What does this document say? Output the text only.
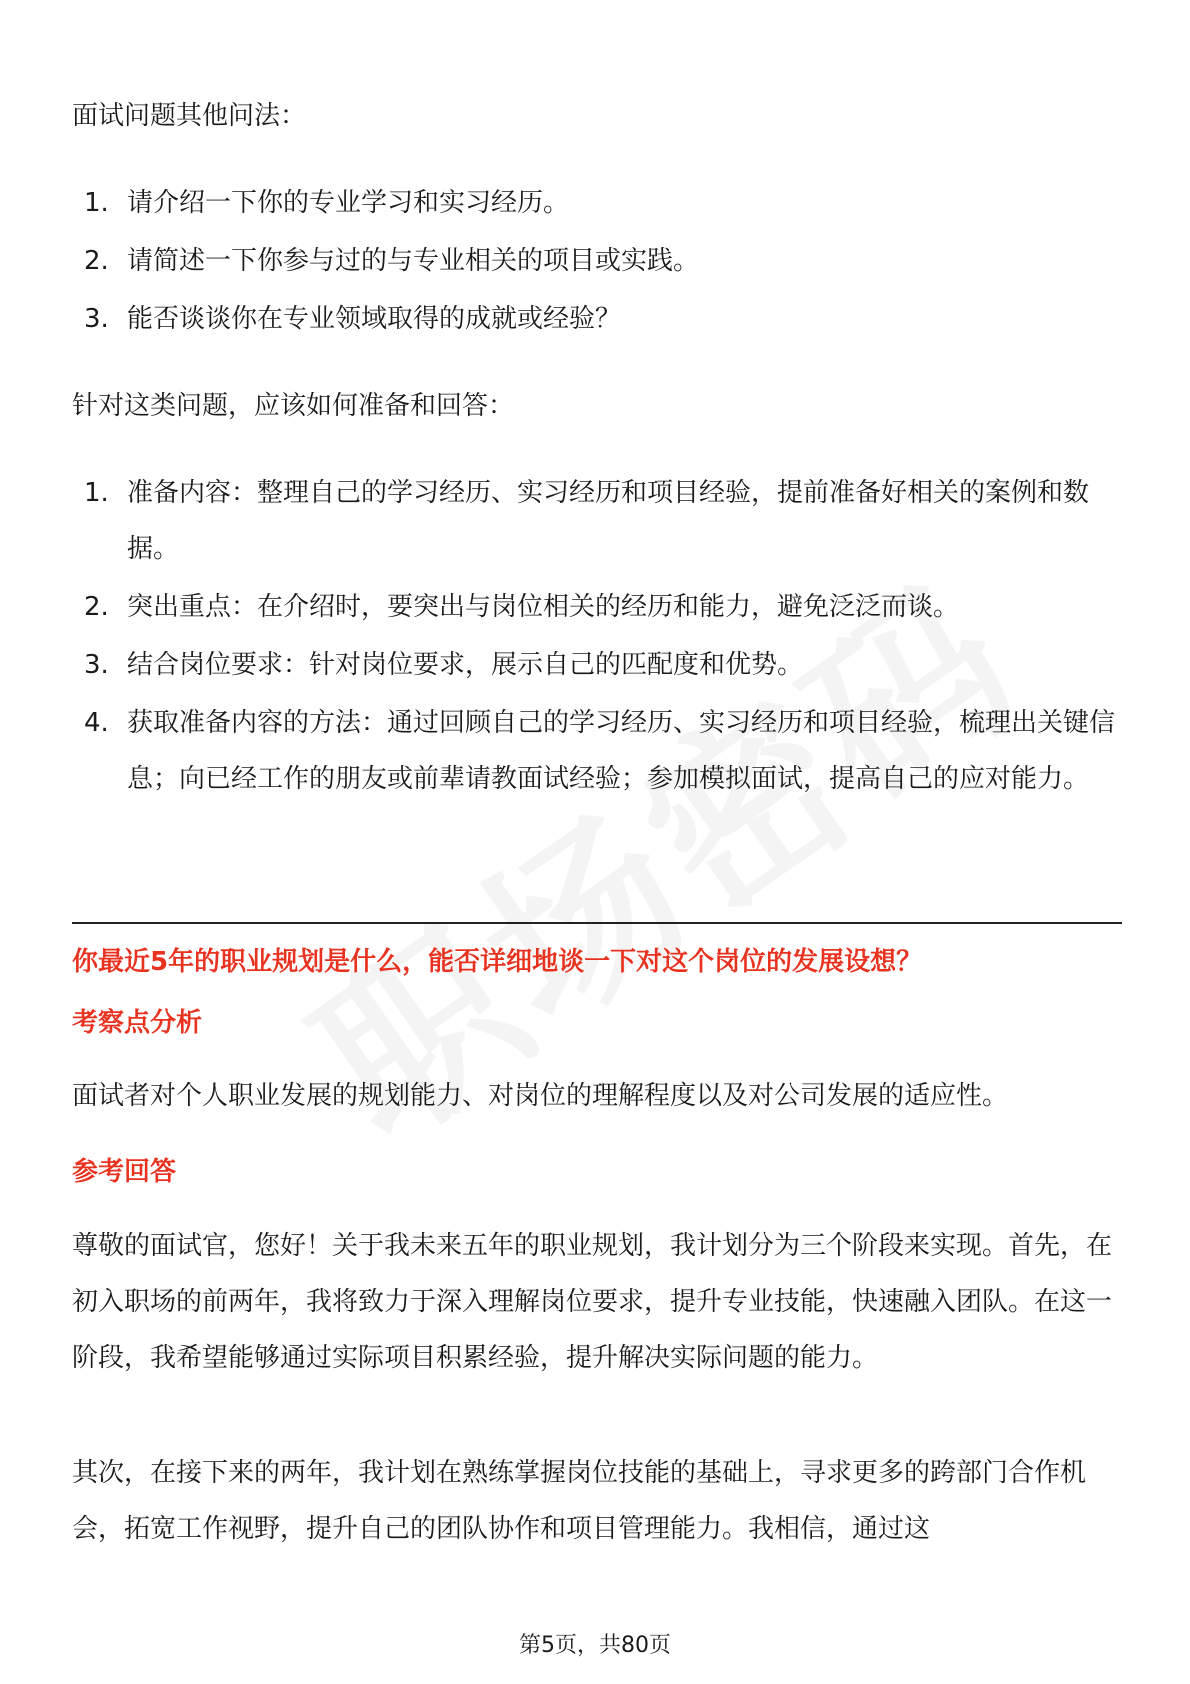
面试问题其他问法：

1. 请介绍一下你的专业学习和实习经历。
2. 请简述一下你参与过的与专业相关的项目或实践。
3. 能否谈谈你在专业领域取得的成就或经验？

针对这类问题，应该如何准备和回答：

1. 准备内容：整理自己的学习经历、实习经历和项目经验，提前准备好相关的案例和数据。
2. 突出重点：在介绍时，要突出与岗位相关的经历和能力，避免泛泛而谈。
3. 结合岗位要求：针对岗位要求，展示自己的匹配度和优势。
4. 获取准备内容的方法：通过回顾自己的学习经历、实习经历和项目经验，梳理出关键信息；向已经工作的朋友或前辈请教面试经验；参加模拟面试，提高自己的应对能力。

你最近5年的职业规划是什么，能否详细地谈一下对这个岗位的发展设想？

考察点分析

面试者对个人职业发展的规划能力、对岗位的理解程度以及对公司发展的适应性。

参考回答

尊敬的面试官，您好！关于我未来五年的职业规划，我计划分为三个阶段来实现。首先，在初入职场的前两年，我将致力于深入理解岗位要求，提升专业技能，快速融入团队。在这一阶段，我希望能够通过实际项目积累经验，提升解决实际问题的能力。

其次，在接下来的两年，我计划在熟练掌握岗位技能的基础上，寻求更多的跨部门合作机会，拓宽工作视野，提升自己的团队协作和项目管理能力。我相信，通过这

第5页，共80页
